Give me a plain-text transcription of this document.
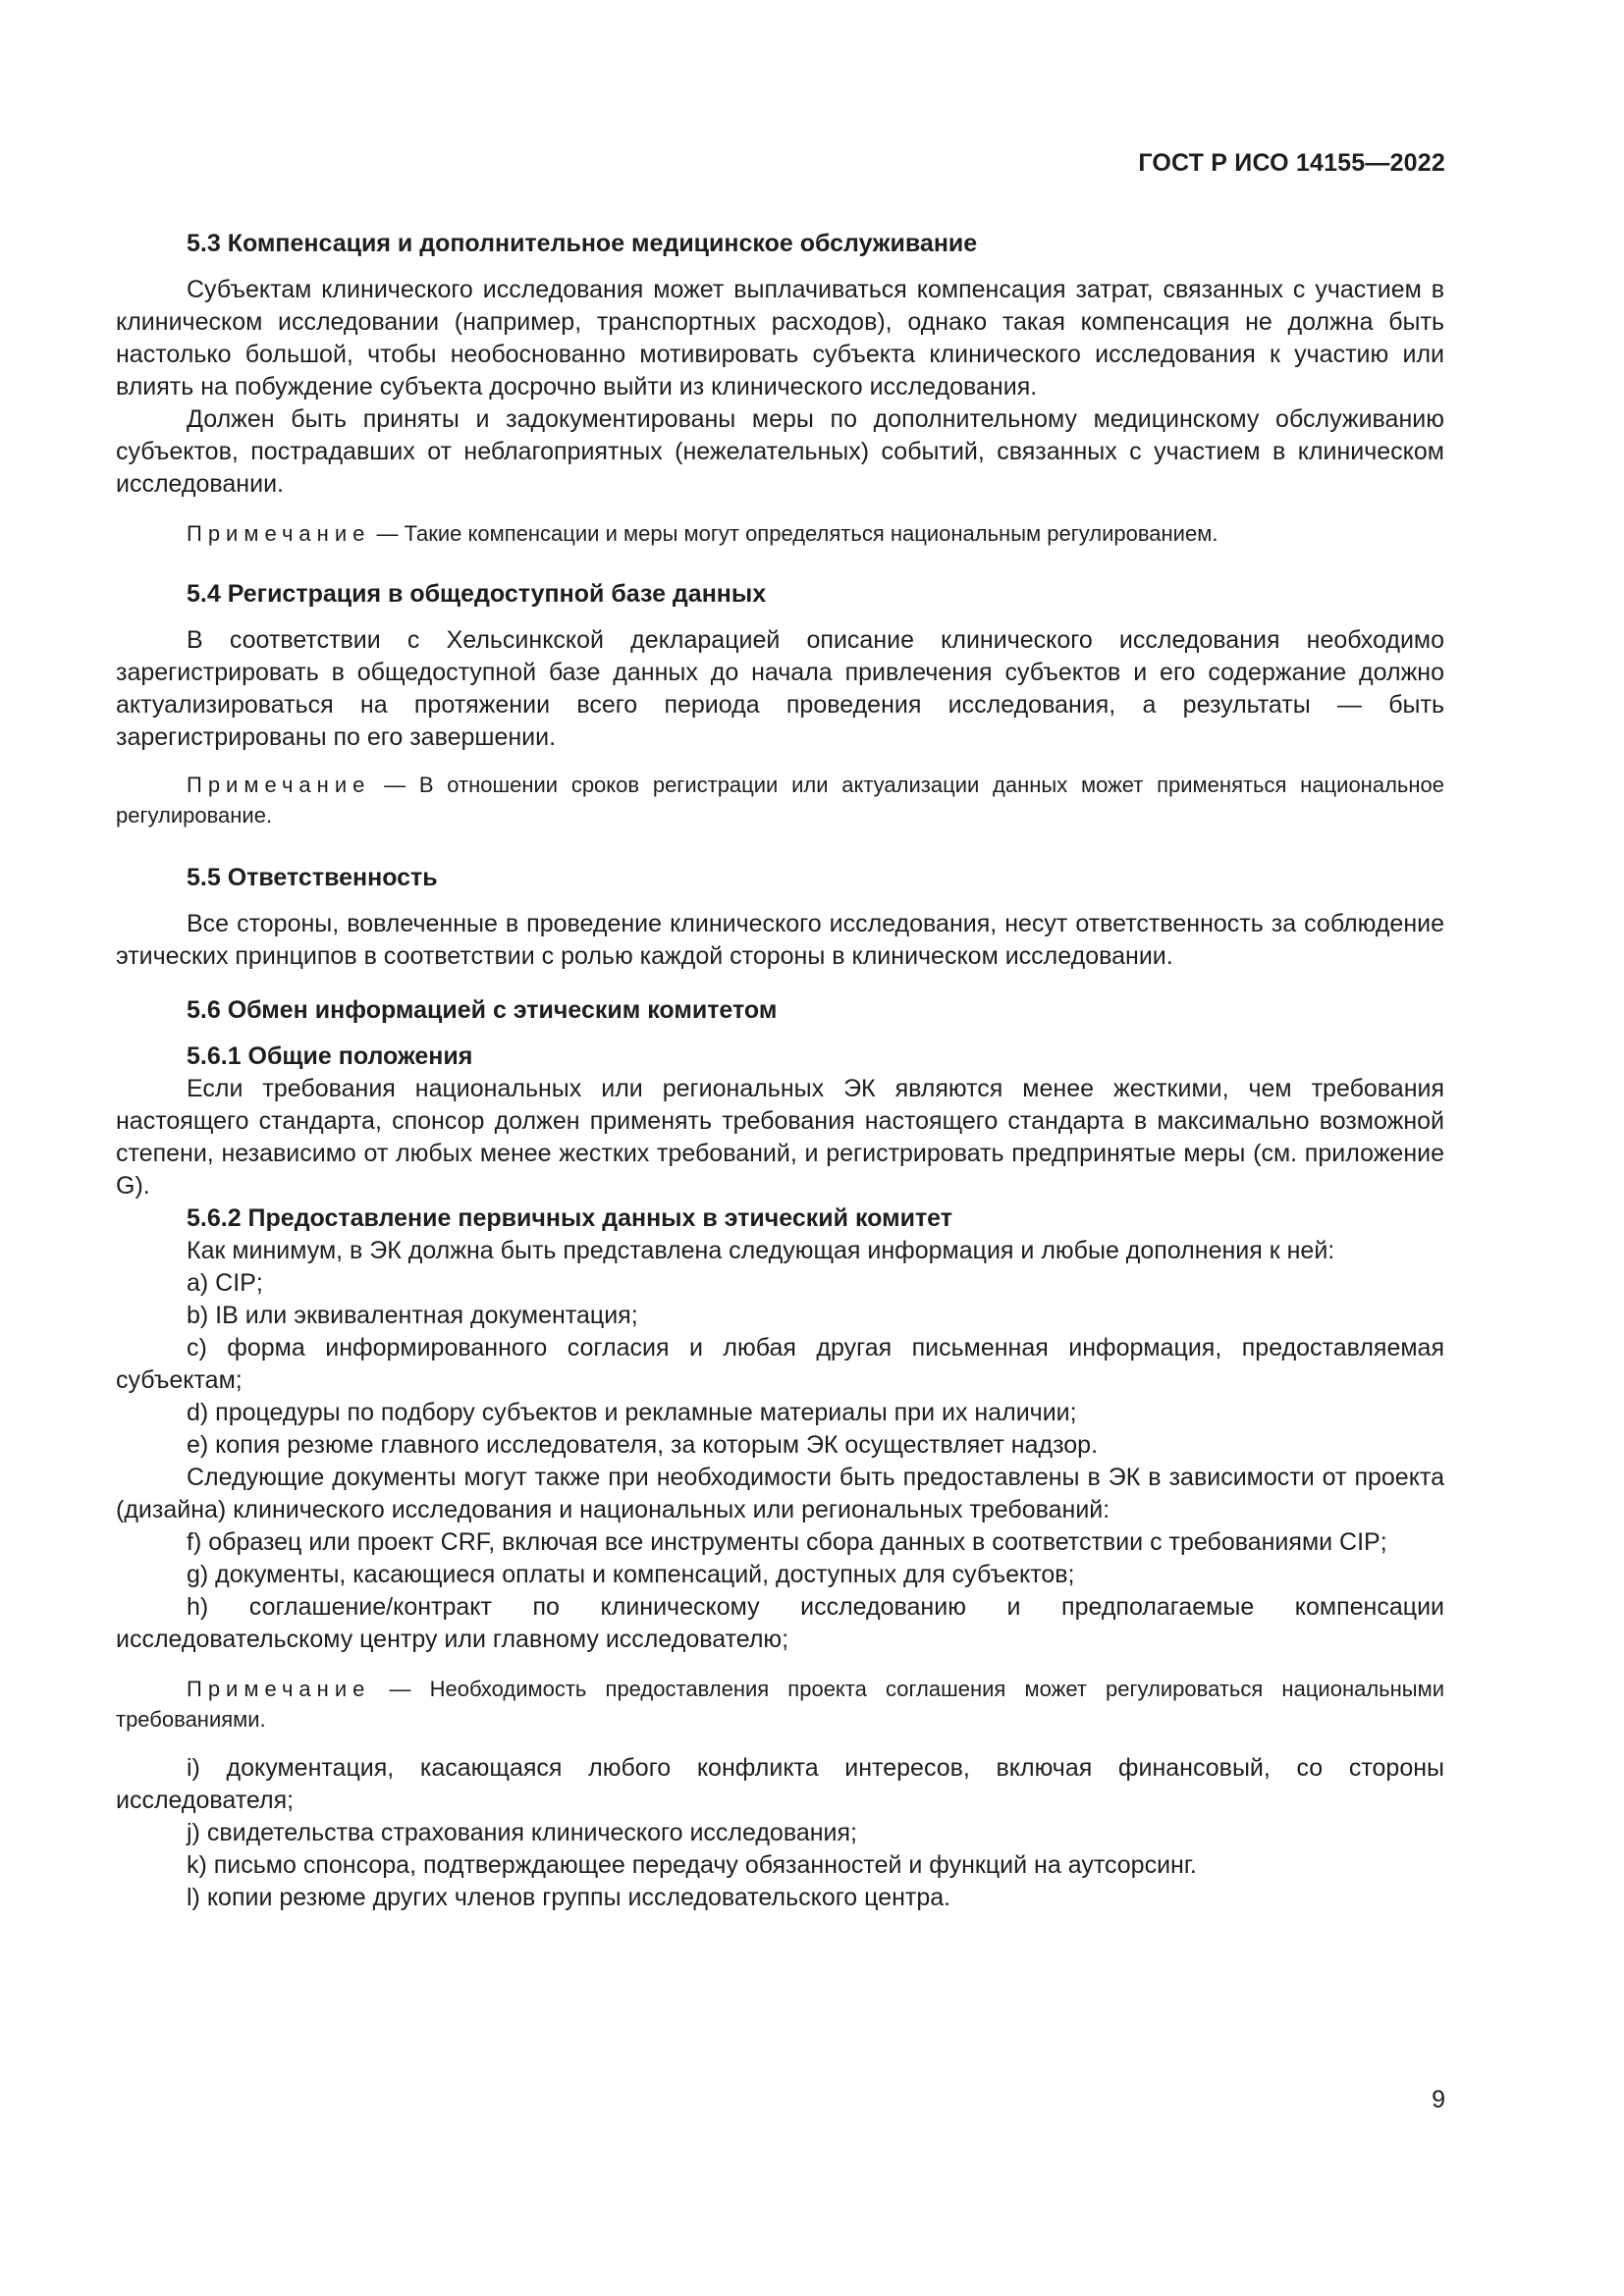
ГОСТ Р ИСО 14155—2022
5.3 Компенсация и дополнительное медицинское обслуживание

Субъектам клинического исследования может выплачиваться компенсация затрат, связанных с участием в клиническом исследовании (например, транспортных расходов), однако такая компенсация не должна быть настолько большой, чтобы необоснованно мотивировать субъекта клинического исследования к участию или влиять на побуждение субъекта досрочно выйти из клинического исследования.

Должен быть приняты и задокументированы меры по дополнительному медицинскому обслуживанию субъектов, пострадавших от неблагоприятных (нежелательных) событий, связанных с участием в клиническом исследовании.

Примечание — Такие компенсации и меры могут определяться национальным регулированием.

5.4 Регистрация в общедоступной базе данных

В соответствии с Хельсинкской декларацией описание клинического исследования необходимо зарегистрировать в общедоступной базе данных до начала привлечения субъектов и его содержание должно актуализироваться на протяжении всего периода проведения исследования, а результаты — быть зарегистрированы по его завершении.

Примечание — В отношении сроков регистрации или актуализации данных может применяться национальное регулирование.

5.5 Ответственность

Все стороны, вовлеченные в проведение клинического исследования, несут ответственность за соблюдение этических принципов в соответствии с ролью каждой стороны в клиническом исследовании.

5.6 Обмен информацией с этическим комитетом
5.6.1 Общие положения

Если требования национальных или региональных ЭК являются менее жесткими, чем требования настоящего стандарта, спонсор должен применять требования настоящего стандарта в максимально возможной степени, независимо от любых менее жестких требований, и регистрировать предпринятые меры (см. приложение G).

5.6.2 Предоставление первичных данных в этический комитет

Как минимум, в ЭК должна быть представлена следующая информация и любые дополнения к ней:

a) CIP;

b) IB или эквивалентная документация;

c) форма информированного согласия и любая другая письменная информация, предоставляемая субъектам;

d) процедуры по подбору субъектов и рекламные материалы при их наличии;

e) копия резюме главного исследователя, за которым ЭК осуществляет надзор.

Следующие документы могут также при необходимости быть предоставлены в ЭК в зависимости от проекта (дизайна) клинического исследования и национальных или региональных требований:

f) образец или проект CRF, включая все инструменты сбора данных в соответствии с требованиями CIP;

g) документы, касающиеся оплаты и компенсаций, доступных для субъектов;

h) соглашение/контракт по клиническому исследованию и предполагаемые компенсации исследовательскому центру или главному исследователю;

Примечание — Необходимость предоставления проекта соглашения может регулироваться национальными требованиями.

i) документация, касающаяся любого конфликта интересов, включая финансовый, со стороны исследователя;

j) свидетельства страхования клинического исследования;

k) письмо спонсора, подтверждающее передачу обязанностей и функций на аутсорсинг.

l) копии резюме других членов группы исследовательского центра.

9
